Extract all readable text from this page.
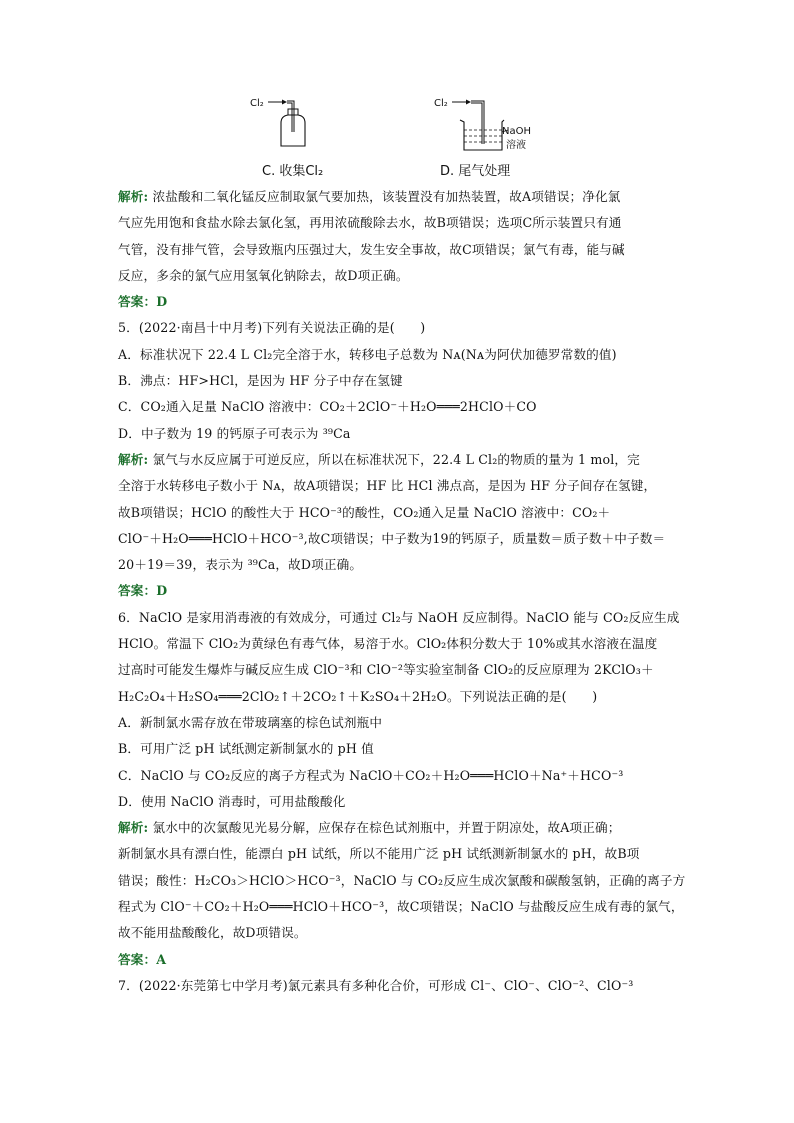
Cl₂
C. 收集Cl₂
Cl₂
NaOH
溶液
D. 尾气处理
解析: 浓盐酸和二氧化锰反应制取氯气要加热，该装置没有加热装置，故A项错误；净化氯
气应先用饱和食盐水除去氯化氢，再用浓硫酸除去水，故B项错误；选项C所示装置只有通
气管，没有排气管，会导致瓶内压强过大，发生安全事故，故C项错误；氯气有毒，能与碱
反应，多余的氯气应用氢氧化钠除去，故D项正确。
答案：D
5．(2022·南昌十中月考)下列有关说法正确的是(　　)
A．标准状况下 22.4 L Cl₂完全溶于水，转移电子总数为 Nᴀ(Nᴀ为阿伏加德罗常数的值)
B．沸点：HF>HCl，是因为 HF 分子中存在氢键
C．CO₂通入足量 NaClO 溶液中：CO₂＋2ClO⁻＋H₂O═══2HClO＋CO
D．中子数为 19 的钙原子可表示为 ³⁹Ca
解析: 氯气与水反应属于可逆反应，所以在标准状况下，22.4 L Cl₂的物质的量为 1 mol，完
全溶于水转移电子数小于 Nᴀ，故A项错误；HF 比 HCl 沸点高，是因为 HF 分子间存在氢键，
故B项错误；HClO 的酸性大于 HCO⁻³的酸性，CO₂通入足量 NaClO 溶液中：CO₂＋
ClO⁻＋H₂O═══HClO＋HCO⁻³,故C项错误；中子数为19的钙原子，质量数＝质子数＋中子数＝
20＋19＝39，表示为 ³⁹Ca，故D项正确。
答案：D
6．NaClO 是家用消毒液的有效成分，可通过 Cl₂与 NaOH 反应制得。NaClO 能与 CO₂反应生成
HClO。常温下 ClO₂为黄绿色有毒气体，易溶于水。ClO₂体积分数大于 10%或其水溶液在温度
过高时可能发生爆炸与碱反应生成 ClO⁻³和 ClO⁻²等实验室制备 ClO₂的反应原理为 2KClO₃＋
H₂C₂O₄＋H₂SO₄═══2ClO₂↑＋2CO₂↑＋K₂SO₄＋2H₂O。下列说法正确的是(　　)
A．新制氯水需存放在带玻璃塞的棕色试剂瓶中
B．可用广泛 pH 试纸测定新制氯水的 pH 值
C．NaClO 与 CO₂反应的离子方程式为 NaClO＋CO₂＋H₂O═══HClO＋Na⁺＋HCO⁻³
D．使用 NaClO 消毒时，可用盐酸酸化
解析: 氯水中的次氯酸见光易分解，应保存在棕色试剂瓶中，并置于阴凉处，故A项正确；
新制氯水具有漂白性，能漂白 pH 试纸，所以不能用广泛 pH 试纸测新制氯水的 pH，故B项
错误；酸性：H₂CO₃＞HClO＞HCO⁻³，NaClO 与 CO₂反应生成次氯酸和碳酸氢钠，正确的离子方
程式为 ClO⁻＋CO₂＋H₂O═══HClO＋HCO⁻³，故C项错误；NaClO 与盐酸反应生成有毒的氯气，
故不能用盐酸酸化，故D项错误。
答案：A
7．(2022·东莞第七中学月考)氯元素具有多种化合价，可形成 Cl⁻、ClO⁻、ClO⁻²、ClO⁻³
